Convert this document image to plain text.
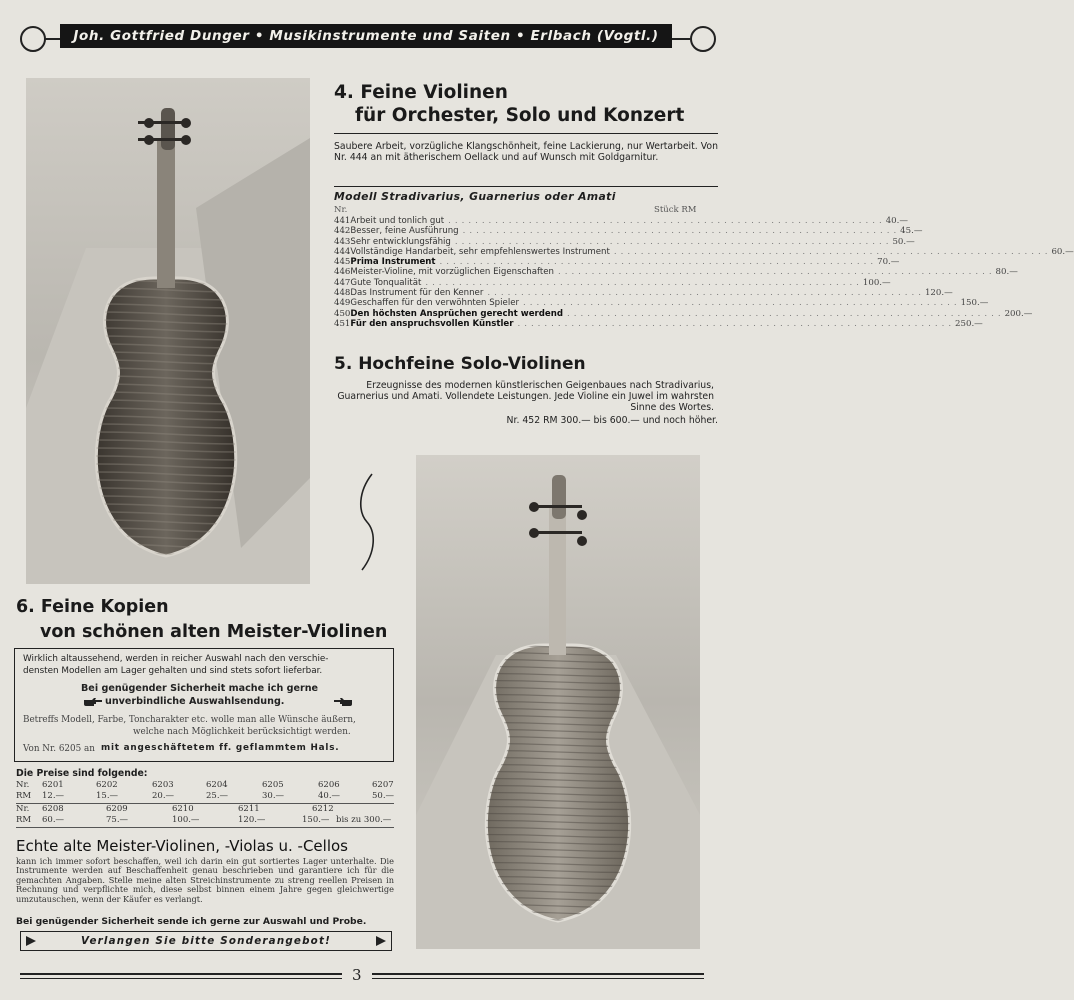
Joh. Gottfried Dunger • Musikinstrumente und Saiten • Erlbach (Vogtl.)
4. Feine Violinen
für Orchester, Solo und Konzert
Saubere Arbeit, vorzügliche Klangschönheit, feine Lackierung, nur Wertarbeit. Von Nr. 444 an mit ätherischem Oellack und auf Wunsch mit Goldgarnitur.
Modell Stradivarius, Guarnerius oder Amati
Nr.	Stück RM
441 Arbeit und tonlich gut ................................................................. 40.—
442 Besser, feine Ausführung ................................................................. 45.—
443 Sehr entwicklungsfähig ................................................................. 50.—
444 Vollständige Handarbeit, sehr empfehlenswertes Instrument ................................................................. 60.—
445 Prima Instrument ................................................................. 70.—
446 Meister-Violine, mit vorzüglichen Eigenschaften ................................................................. 80.—
447 Gute Tonqualität ................................................................. 100.—
448 Das Instrument für den Kenner ................................................................. 120.—
449 Geschaffen für den verwöhnten Spieler ................................................................. 150.—
450 Den höchsten Ansprüchen gerecht werdend ................................................................. 200.—
451 Für den anspruchsvollen Künstler ................................................................. 250.—
5. Hochfeine Solo-Violinen
Erzeugnisse des modernen künstlerischen Geigenbaues nach Stradivarius, Guarnerius und Amati. Vollendete Leistungen. Jede Violine ein Juwel im wahrsten Sinne des Wortes.
Nr. 452 RM 300.— bis 600.— und noch höher.
6. Feine Kopien
von schönen alten Meister-Violinen
Wirklich altaussehend, werden in reicher Auswahl nach den verschie-
densten Modellen am Lager gehalten und sind stets sofort lieferbar.
Bei genügender Sicherheit mache ich gerne
unverbindliche Auswahlsendung.
Betreffs Modell, Farbe, Toncharakter etc. wolle man alle Wünsche äußern,
welche nach Möglichkeit berücksichtigt werden.
Von Nr. 6205 an mit angeschäftetem ff. geflammtem Hals.
Die Preise sind folgende:
Nr. 6201	6202	6203	6204	6205	6206	6207
RM 12.—	15.—	20.—	25.—	30.—	40.—	50.—
Nr. 6208	6209	6210	6211	6212
RM 60.—	75.—	100.—	120.—	150.— bis zu 300.—
Echte alte Meister-Violinen, -Violas u. -Cellos
kann ich immer sofort beschaffen, weil ich darin ein gut sortiertes Lager unterhalte. Die Instrumente werden auf Beschaffenheit genau beschrieben und garantiere ich für die gemachten Angaben. Stelle meine alten Streichinstrumente zu streng reellen Preisen in Rechnung und verpflichte mich, diese selbst binnen einem Jahre gegen gleichwertige umzutauschen, wenn der Käufer es verlangt.
Bei genügender Sicherheit sende ich gerne zur Auswahl und Probe.
Verlangen Sie bitte Sonderangebot!
3
